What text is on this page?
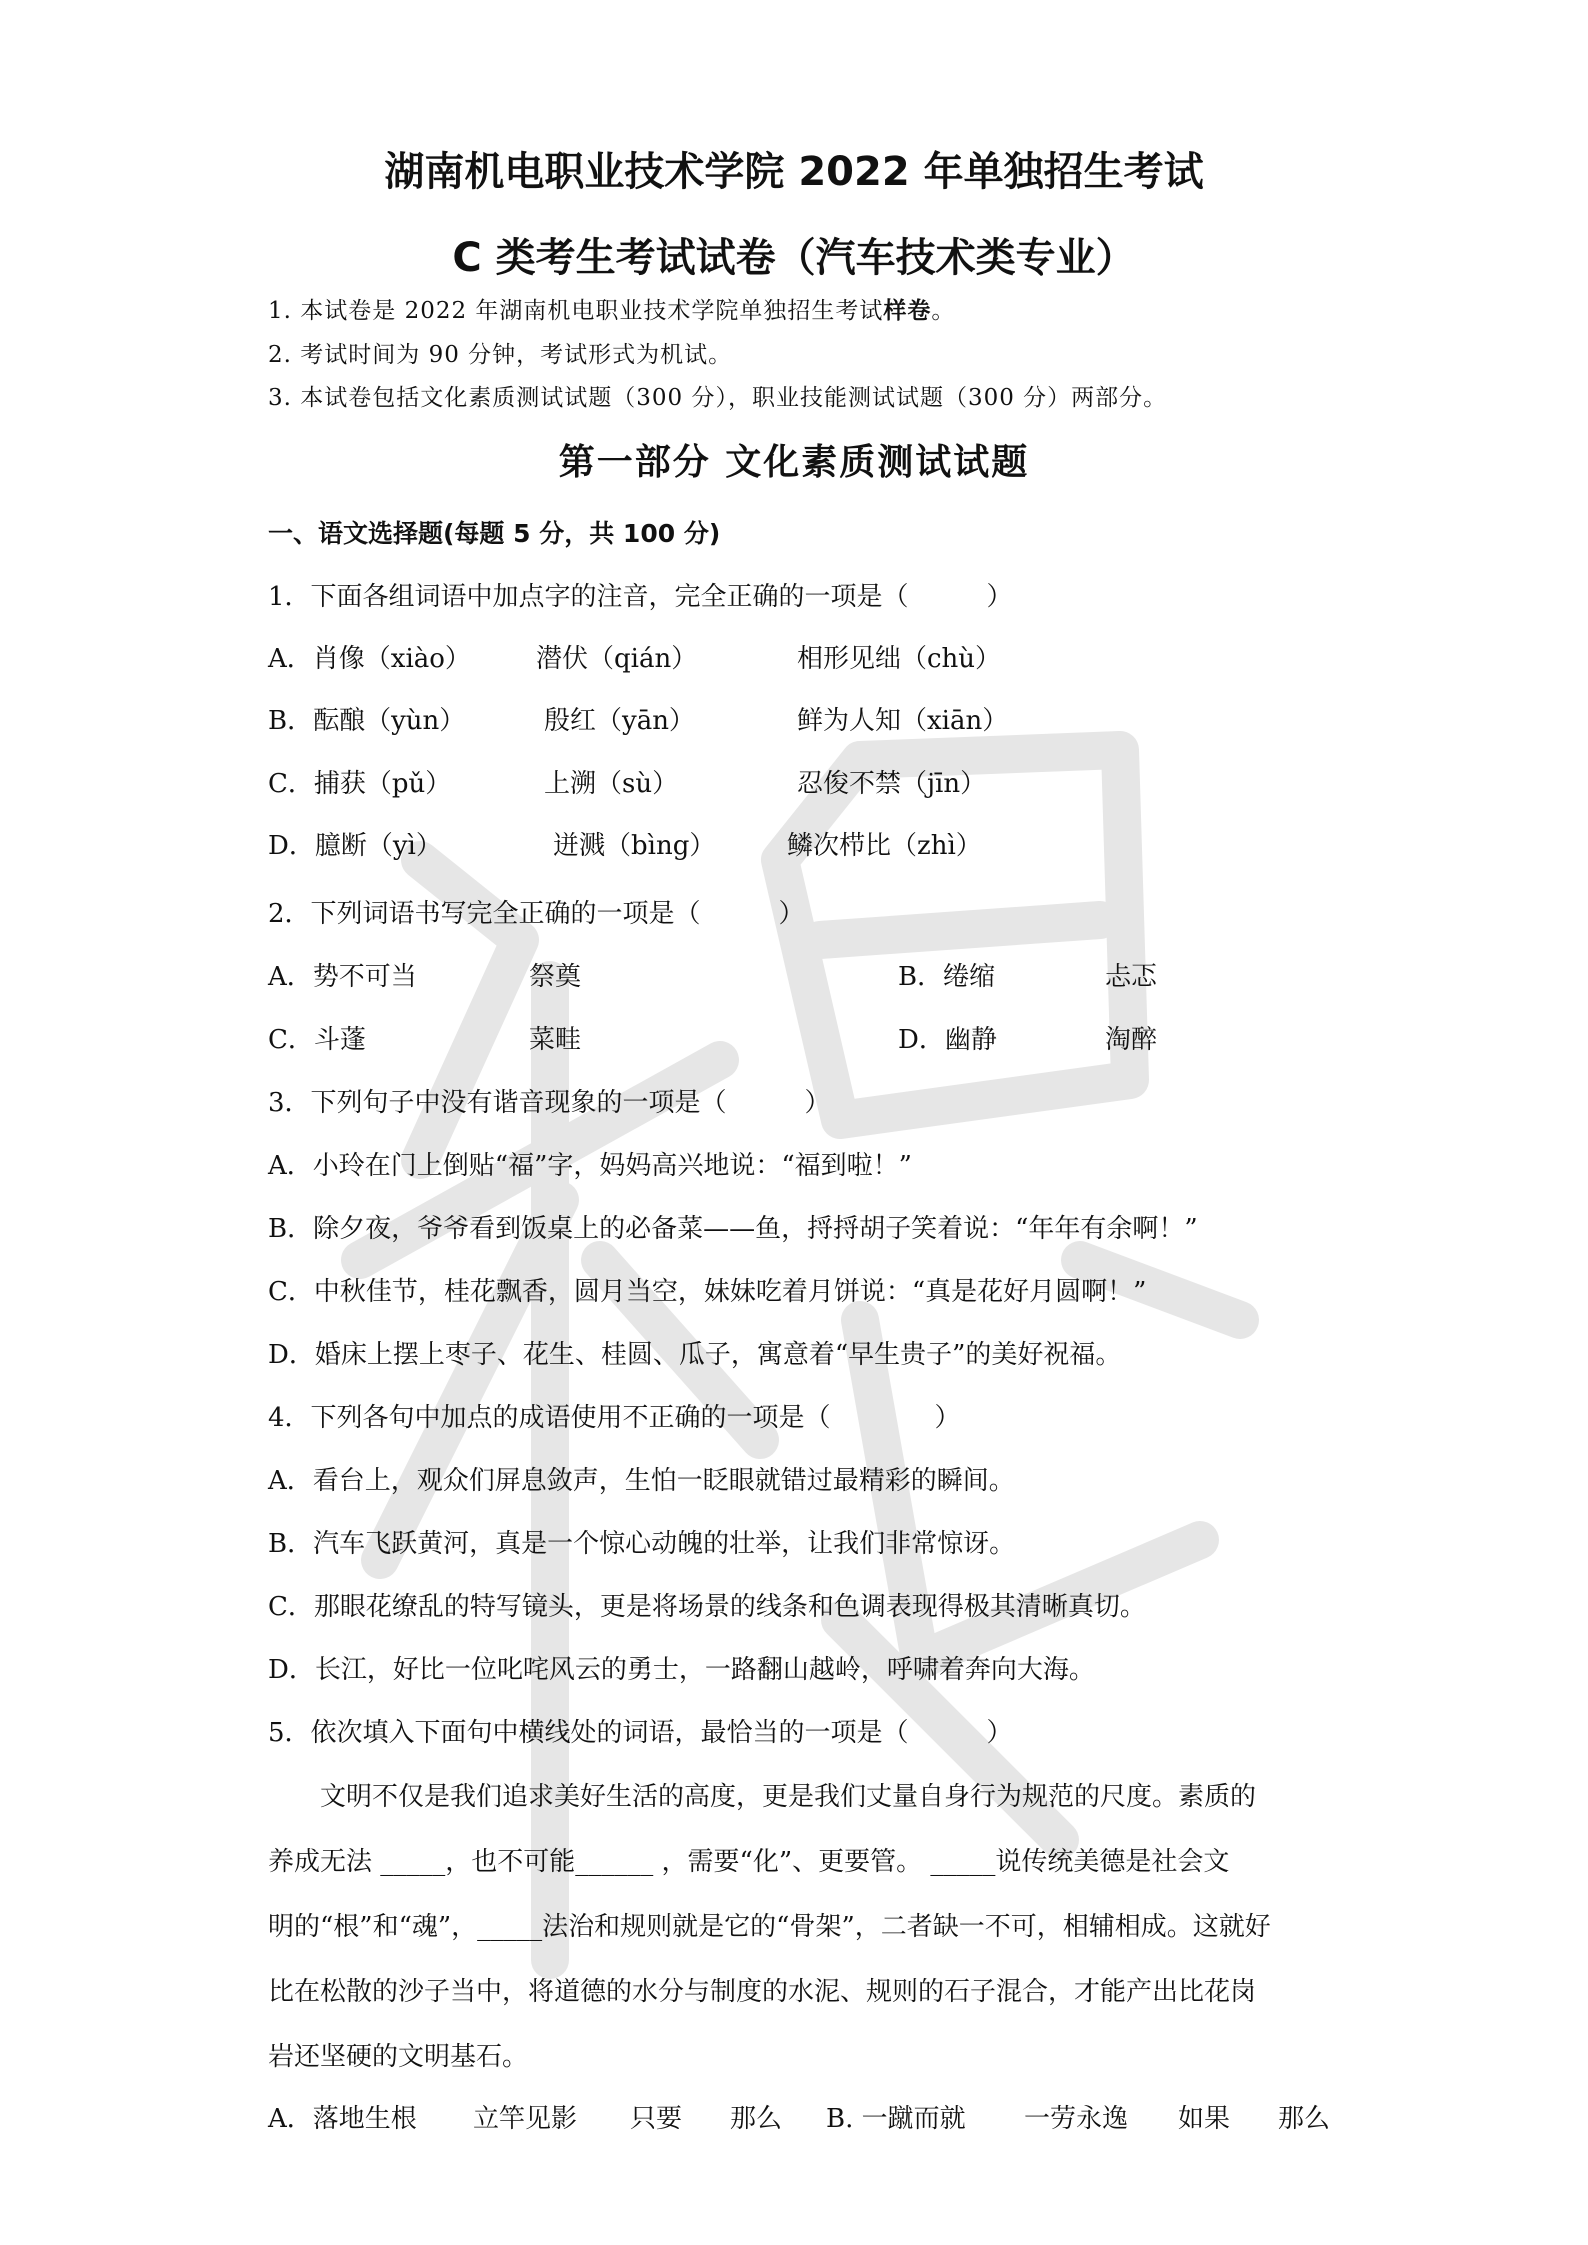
湖南机电职业技术学院 2022 年单独招生考试
C 类考生考试试卷（汽车技术类专业）
1. 本试卷是 2022 年湖南机电职业技术学院单独招生考试样卷。
2. 考试时间为 90 分钟，考试形式为机试。
3. 本试卷包括文化素质测试试题（300 分），职业技能测试试题（300 分）两部分。
第一部分 文化素质测试试题
一、语文选择题(每题 5 分，共 100 分)
1．下面各组词语中加点字的注音，完全正确的一项是（　　　）
A．肖像（xiào）	潜伏（qián）	相形见绌（chù）
B．酝酿（yùn）	殷红（yān）	鲜为人知（xiān）
C．捕获（pǔ）	上溯（sù）	忍俊不禁（jīn）
D．臆断（yì）	迸溅（bìng）	鳞次栉比（zhì）
2．下列词语书写完全正确的一项是（　　　）
A．势不可当	祭奠	B．绻缩	忐忑
C．斗蓬	菜畦	D．幽静	淘醉
3．下列句子中没有谐音现象的一项是（　　　）
A．小玲在门上倒贴“福”字，妈妈高兴地说：“福到啦！”
B．除夕夜，爷爷看到饭桌上的必备菜——鱼，捋捋胡子笑着说：“年年有余啊！”
C．中秋佳节，桂花飘香，圆月当空，妹妹吃着月饼说：“真是花好月圆啊！”
D．婚床上摆上枣子、花生、桂圆、瓜子，寓意着“早生贵子”的美好祝福。
4．下列各句中加点的成语使用不正确的一项是（　　　　）
A．看台上，观众们屏息敛声，生怕一眨眼就错过最精彩的瞬间。
B．汽车飞跃黄河，真是一个惊心动魄的壮举，让我们非常惊讶。
C．那眼花缭乱的特写镜头，更是将场景的线条和色调表现得极其清晰真切。
D．长江，好比一位叱咤风云的勇士，一路翻山越岭，呼啸着奔向大海。
5．依次填入下面句中横线处的词语，最恰当的一项是（　　　）
　　文明不仅是我们追求美好生活的高度，更是我们丈量自身行为规范的尺度。素质的
养成无法 _____，也不可能______ ，需要“化”、更要管。 _____说传统美德是社会文
明的“根”和“魂”，_____法治和规则就是它的“骨架”，二者缺一不可，相辅相成。这就好
比在松散的沙子当中，将道德的水分与制度的水泥、规则的石子混合，才能产出比花岗
岩还坚硬的文明基石。
A．落地生根 立竿见影 只要 那么 B. 一蹴而就 一劳永逸 如果 那么
